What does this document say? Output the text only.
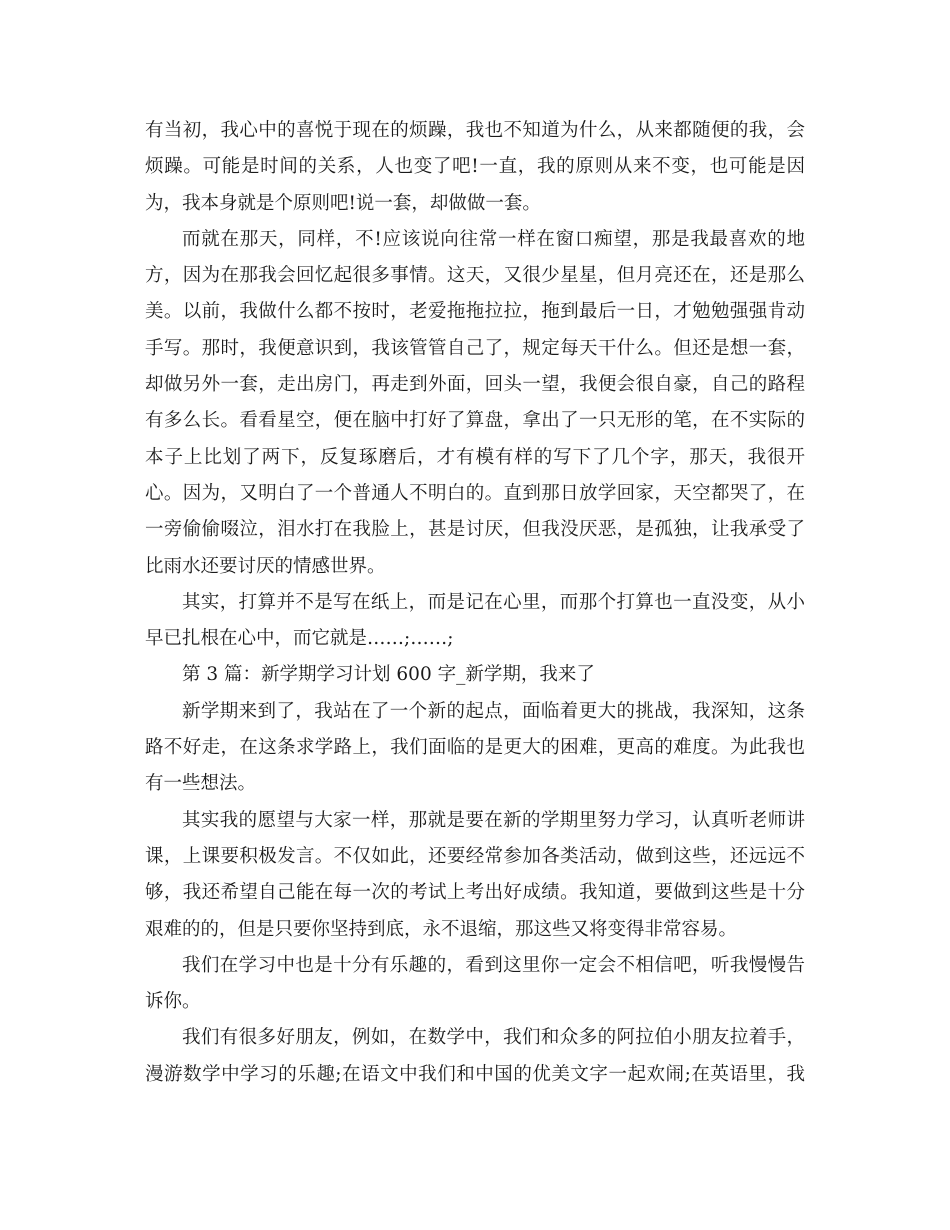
有当初，我心中的喜悦于现在的烦躁，我也不知道为什么，从来都随便的我，会
烦躁。可能是时间的关系，人也变了吧!一直，我的原则从来不变，也可能是因
为，我本身就是个原则吧!说一套，却做做一套。
而就在那天，同样，不!应该说向往常一样在窗口痴望，那是我最喜欢的地
方，因为在那我会回忆起很多事情。这天，又很少星星，但月亮还在，还是那么
美。以前，我做什么都不按时，老爱拖拖拉拉，拖到最后一日，才勉勉强强肯动
手写。那时，我便意识到，我该管管自己了，规定每天干什么。但还是想一套，
却做另外一套，走出房门，再走到外面，回头一望，我便会很自豪，自己的路程
有多么长。看看星空，便在脑中打好了算盘，拿出了一只无形的笔，在不实际的
本子上比划了两下，反复琢磨后，才有模有样的写下了几个字，那天，我很开
心。因为，又明白了一个普通人不明白的。直到那日放学回家，天空都哭了，在
一旁偷偷啜泣，泪水打在我脸上，甚是讨厌，但我没厌恶，是孤独，让我承受了
比雨水还要讨厌的情感世界。
其实，打算并不是写在纸上，而是记在心里，而那个打算也一直没变，从小
早已扎根在心中，而它就是……;……;
第 3 篇：新学期学习计划 600 字_新学期，我来了
新学期来到了，我站在了一个新的起点，面临着更大的挑战，我深知，这条
路不好走，在这条求学路上，我们面临的是更大的困难，更高的难度。为此我也
有一些想法。
其实我的愿望与大家一样，那就是要在新的学期里努力学习，认真听老师讲
课，上课要积极发言。不仅如此，还要经常参加各类活动，做到这些，还远远不
够，我还希望自己能在每一次的考试上考出好成绩。我知道，要做到这些是十分
艰难的的，但是只要你坚持到底，永不退缩，那这些又将变得非常容易。
我们在学习中也是十分有乐趣的，看到这里你一定会不相信吧，听我慢慢告
诉你。
我们有很多好朋友，例如，在数学中，我们和众多的阿拉伯小朋友拉着手，
漫游数学中学习的乐趣;在语文中我们和中国的优美文字一起欢闹;在英语里，我
